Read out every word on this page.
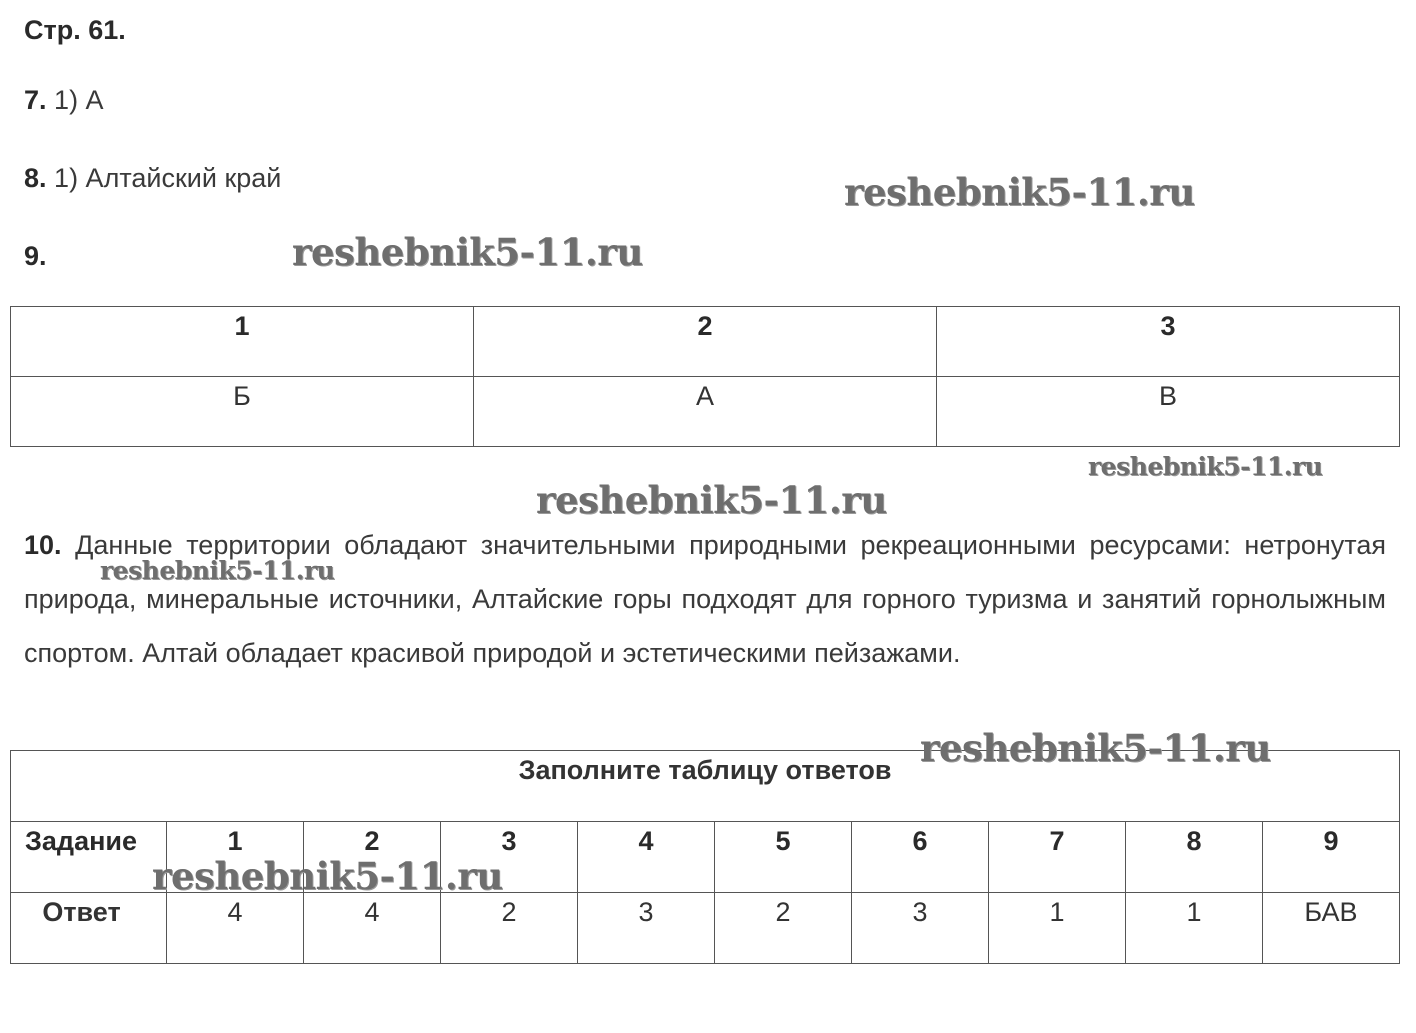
Стр. 61.
7. 1) А
8. 1) Алтайский край
9.
1	2	3
Б	А	В
10. Данные территории обладают значительными природными рекреационными ресурсами: нетронутая природа, минеральные источники, Алтайские горы подходят для горного туризма и занятий горнолыжным спортом. Алтай обладает красивой природой и эстетическими пейзажами.
Заполните таблицу ответов									
Задание	1	2	3	4	5	6	7	8	9
Ответ	4	4	2	3	2	3	1	1	БАВ
reshebnik5-11.ru
reshebnik5-11.ru
reshebnik5-11.ru
reshebnik5-11.ru
reshebnik5-11.ru
reshebnik5-11.ru
reshebnik5-11.ru
